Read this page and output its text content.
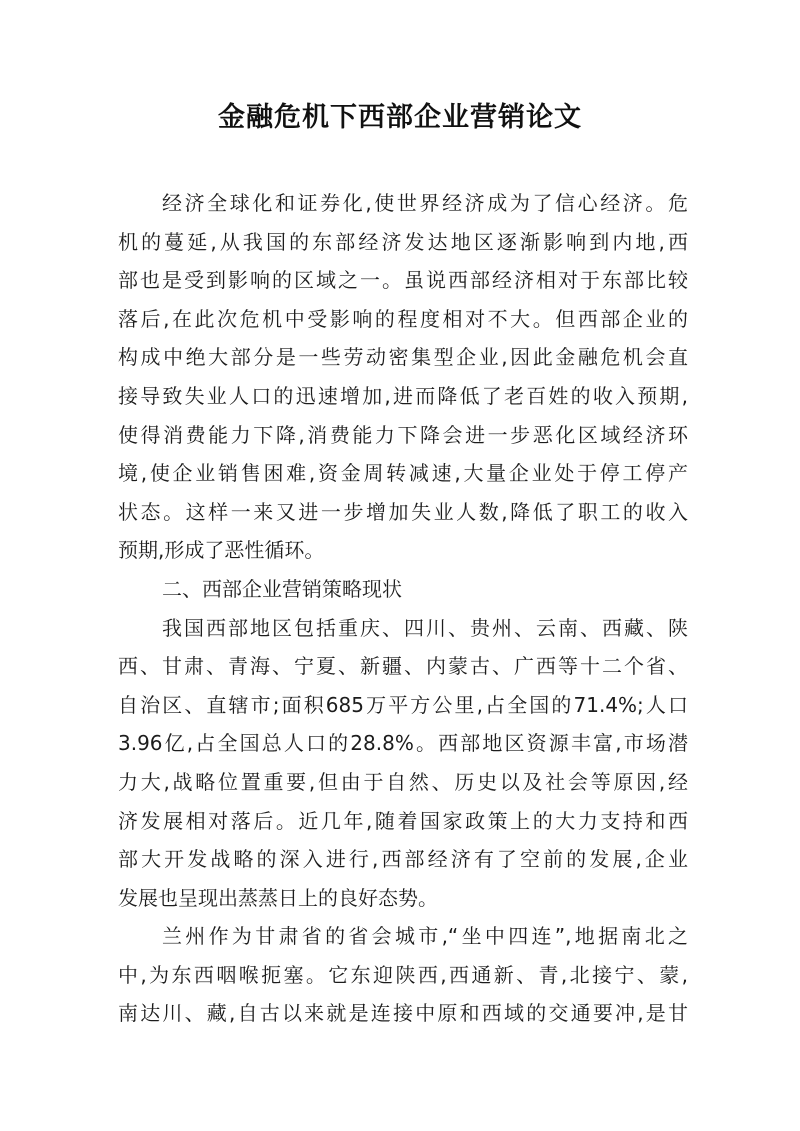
金融危机下西部企业营销论文
经济全球化和证券化,使世界经济成为了信心经济。危
机的蔓延,从我国的东部经济发达地区逐渐影响到内地,西
部也是受到影响的区域之一。虽说西部经济相对于东部比较
落后,在此次危机中受影响的程度相对不大。但西部企业的
构成中绝大部分是一些劳动密集型企业,因此金融危机会直
接导致失业人口的迅速增加,进而降低了老百姓的收入预期,
使得消费能力下降,消费能力下降会进一步恶化区域经济环
境,使企业销售困难,资金周转减速,大量企业处于停工停产
状态。这样一来又进一步增加失业人数,降低了职工的收入
预期,形成了恶性循环。
二、西部企业营销策略现状
我国西部地区包括重庆、四川、贵州、云南、西藏、陕
西、甘肃、青海、宁夏、新疆、内蒙古、广西等十二个省、
自治区、直辖市;面积685万平方公里,占全国的71.4%;人口
3.96亿,占全国总人口的28.8%。西部地区资源丰富,市场潜
力大,战略位置重要,但由于自然、历史以及社会等原因,经
济发展相对落后。近几年,随着国家政策上的大力支持和西
部大开发战略的深入进行,西部经济有了空前的发展,企业
发展也呈现出蒸蒸日上的良好态势。
兰州作为甘肃省的省会城市,“坐中四连”,地据南北之
中,为东西咽喉扼塞。它东迎陕西,西通新、青,北接宁、蒙,
南达川、藏,自古以来就是连接中原和西域的交通要冲,是甘
